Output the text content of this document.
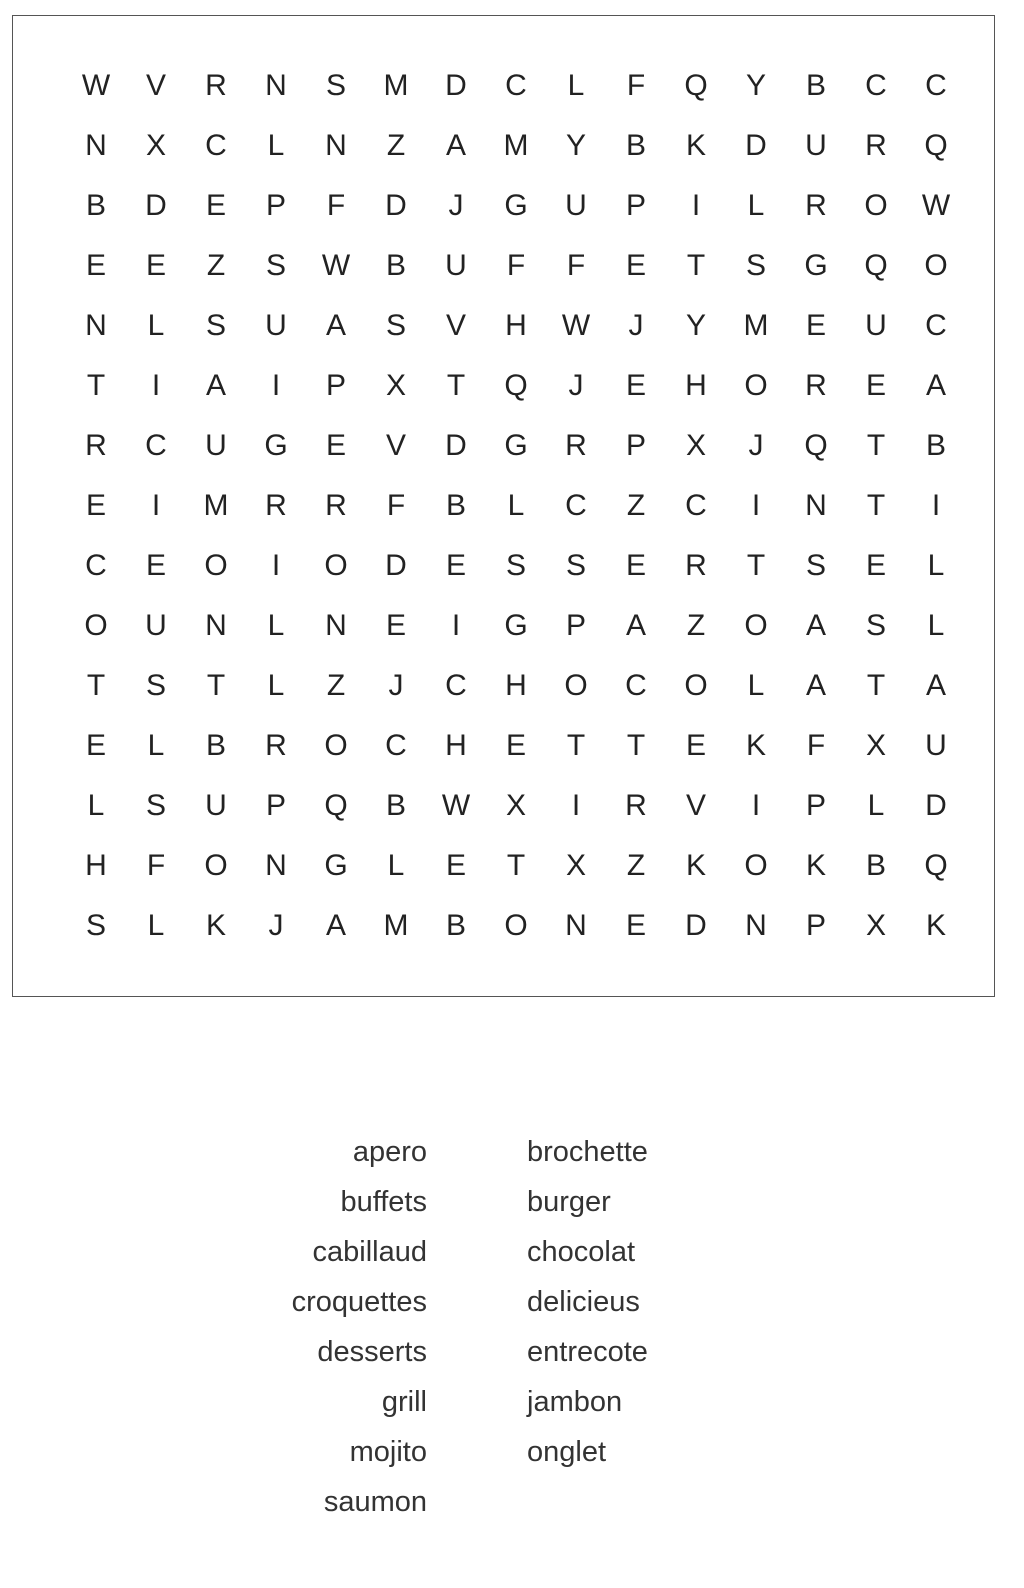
W	V	R	N	S	M	D	C	L	F	Q	Y	B	C	C
N	X	C	L	N	Z	A	M	Y	B	K	D	U	R	Q
B	D	E	P	F	D	J	G	U	P	I	L	R	O	W
E	E	Z	S	W	B	U	F	F	E	T	S	G	Q	O
N	L	S	U	A	S	V	H	W	J	Y	M	E	U	C
T	I	A	I	P	X	T	Q	J	E	H	O	R	E	A
R	C	U	G	E	V	D	G	R	P	X	J	Q	T	B
E	I	M	R	R	F	B	L	C	Z	C	I	N	T	I
C	E	O	I	O	D	E	S	S	E	R	T	S	E	L
O	U	N	L	N	E	I	G	P	A	Z	O	A	S	L
T	S	T	L	Z	J	C	H	O	C	O	L	A	T	A
E	L	B	R	O	C	H	E	T	T	E	K	F	X	U
L	S	U	P	Q	B	W	X	I	R	V	I	P	L	D
H	F	O	N	G	L	E	T	X	Z	K	O	K	B	Q
S	L	K	J	A	M	B	O	N	E	D	N	P	X	K
apero
buffets
cabillaud
croquettes
desserts
grill
mojito
saumon
brochette
burger
chocolat
delicieus
entrecote
jambon
onglet
